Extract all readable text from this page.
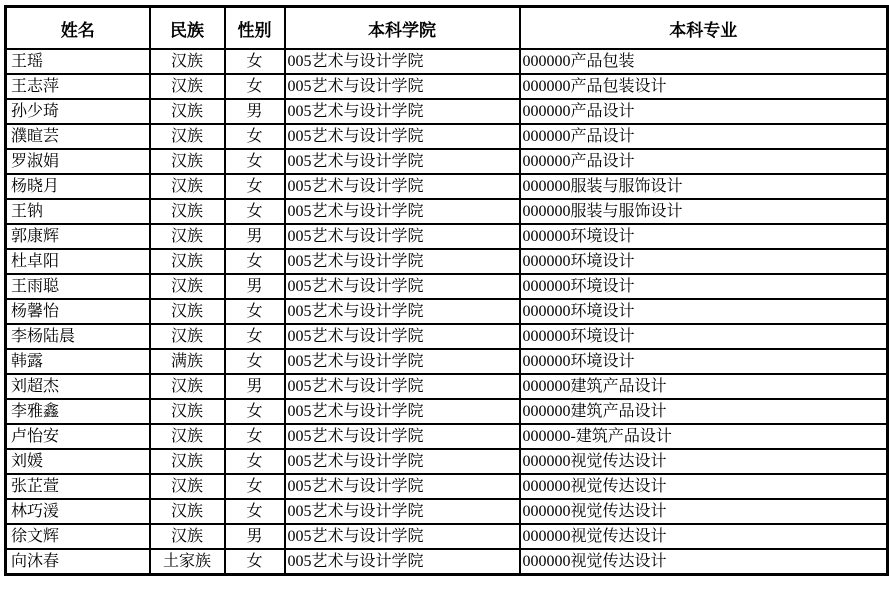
姓名	民族	性别	本科学院	本科专业
王瑶	汉族	女	005艺术与设计学院	000000产品包装
王志萍	汉族	女	005艺术与设计学院	000000产品包装设计
孙少琦	汉族	男	005艺术与设计学院	000000产品设计
濮暄芸	汉族	女	005艺术与设计学院	000000产品设计
罗淑娟	汉族	女	005艺术与设计学院	000000产品设计
杨晓月	汉族	女	005艺术与设计学院	000000服装与服饰设计
王钠	汉族	女	005艺术与设计学院	000000服装与服饰设计
郭康辉	汉族	男	005艺术与设计学院	000000环境设计
杜卓阳	汉族	女	005艺术与设计学院	000000环境设计
王雨聪	汉族	男	005艺术与设计学院	000000环境设计
杨馨怡	汉族	女	005艺术与设计学院	000000环境设计
李杨陆晨	汉族	女	005艺术与设计学院	000000环境设计
韩露	满族	女	005艺术与设计学院	000000环境设计
刘超杰	汉族	男	005艺术与设计学院	000000建筑产品设计
李雅鑫	汉族	女	005艺术与设计学院	000000建筑产品设计
卢怡安	汉族	女	005艺术与设计学院	000000-建筑产品设计
刘媛	汉族	女	005艺术与设计学院	000000视觉传达设计
张芷萱	汉族	女	005艺术与设计学院	000000视觉传达设计
林巧湲	汉族	女	005艺术与设计学院	000000视觉传达设计
徐文辉	汉族	男	005艺术与设计学院	000000视觉传达设计
向沐春	土家族	女	005艺术与设计学院	000000视觉传达设计
